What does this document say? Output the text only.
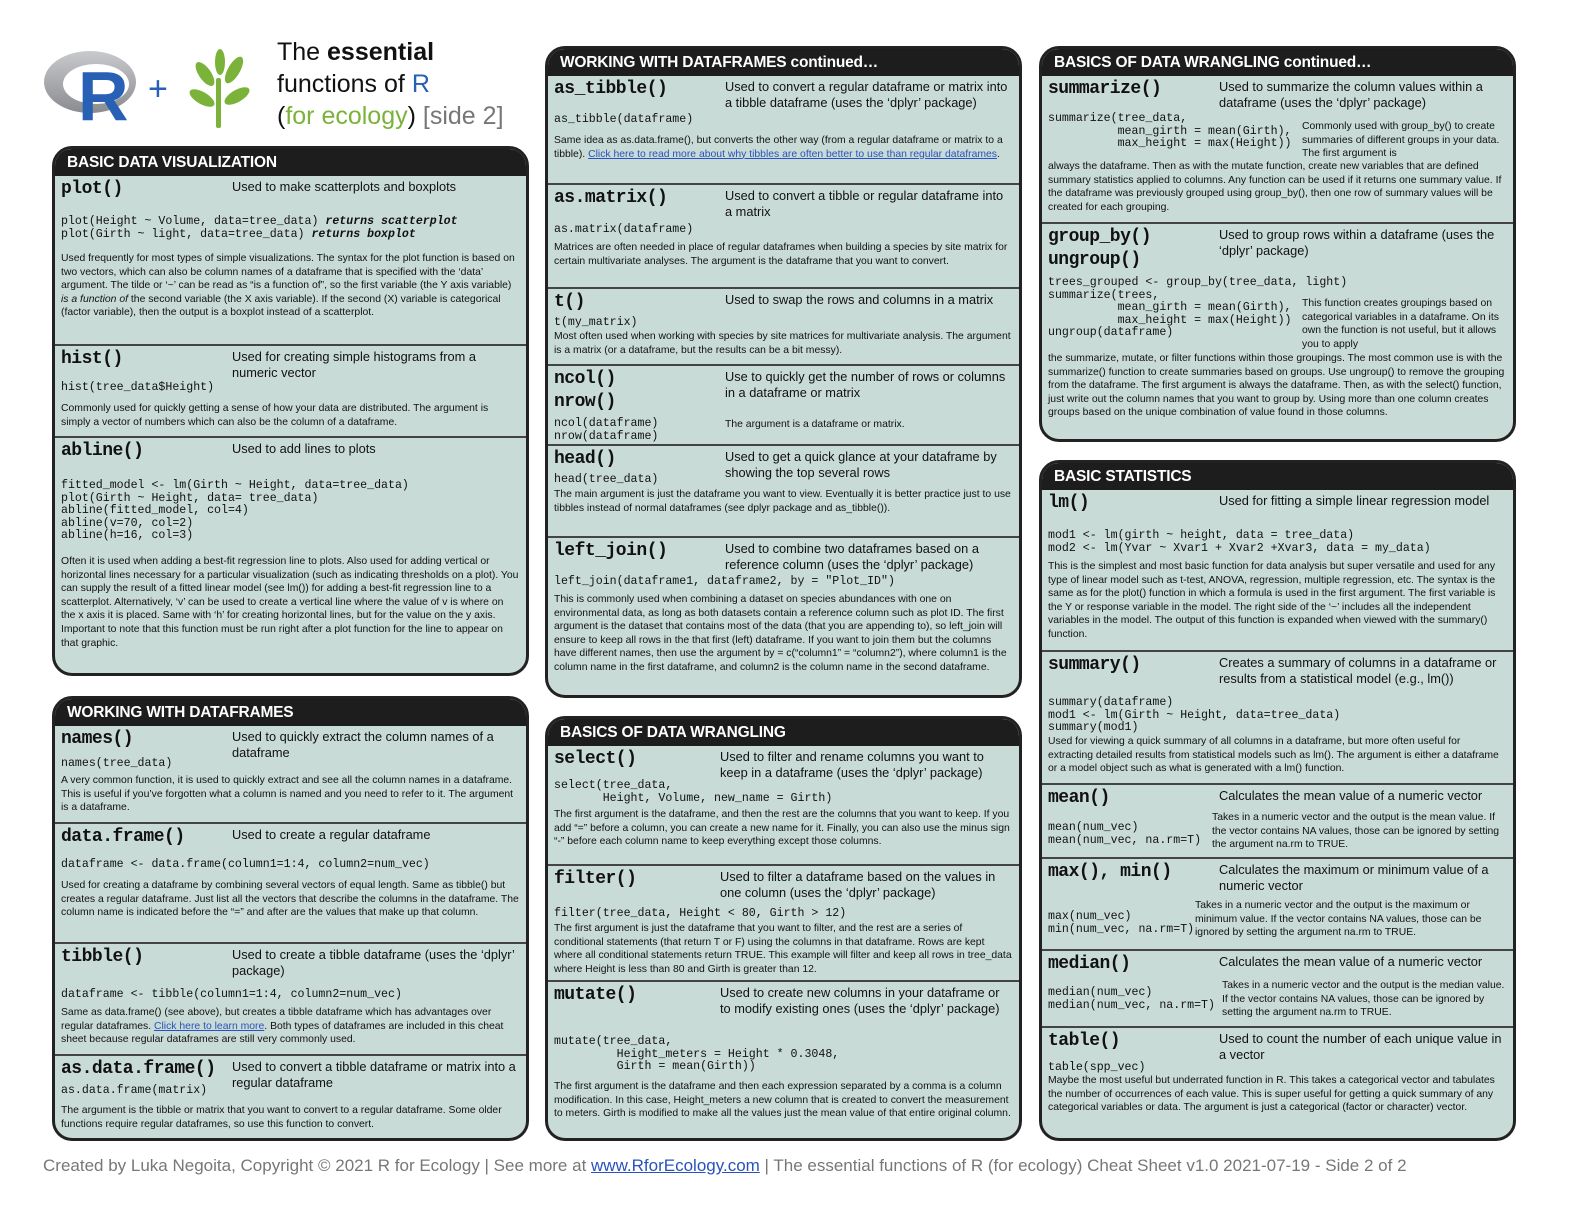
R +
The essential
functions of R
(for ecology) [side 2]
BASIC DATA VISUALIZATION
plot()	Used to make scatterplots and boxplots
plot(Height ~ Volume, data=tree_data) returns scatterplot
plot(Girth ~ light, data=tree_data) returns boxplot
Used frequently for most types of simple visualizations. The syntax for the plot function is based on two vectors, which can also be column names of a dataframe that is specified with the ‘data’ argument. The tilde or ‘~’ can be read as “is a function of”, so the first variable (the Y axis variable) is a function of the second variable (the X axis variable). If the second (X) variable is categorical (factor variable), then the output is a boxplot instead of a scatterplot.
hist()	Used for creating simple histograms from a numeric vector
hist(tree_data$Height)
Commonly used for quickly getting a sense of how your data are distributed. The argument is simply a vector of numbers which can also be the column of a dataframe.
abline()	Used to add lines to plots
fitted_model <- lm(Girth ~ Height, data=tree_data)
plot(Girth ~ Height, data= tree_data)
abline(fitted_model, col=4)
abline(v=70, col=2)
abline(h=16, col=3)
Often it is used when adding a best-fit regression line to plots. Also used for adding vertical or horizontal lines necessary for a particular visualization (such as indicating thresholds on a plot). You can supply the result of a fitted linear model (see lm()) for adding a best-fit regression line to a scatterplot. Alternatively, ‘v’ can be used to create a vertical line where the value of v is where on the x axis it is placed. Same with ‘h’ for creating horizontal lines, but for the value on the y axis. Important to note that this function must be run right after a plot function for the line to appear on that graphic.
WORKING WITH DATAFRAMES
names()	Used to quickly extract the column names of a dataframe
names(tree_data)
A very common function, it is used to quickly extract and see all the column names in a dataframe. This is useful if you’ve forgotten what a column is named and you need to refer to it. The argument is a dataframe.
data.frame()	Used to create a regular dataframe
dataframe <- data.frame(column1=1:4, column2=num_vec)
Used for creating a dataframe by combining several vectors of equal length. Same as tibble() but creates a regular dataframe. Just list all the vectors that describe the columns in the dataframe. The column name is indicated before the “=” and after are the values that make up that column.
tibble()	Used to create a tibble dataframe (uses the ‘dplyr’ package)
dataframe <- tibble(column1=1:4, column2=num_vec)
Same as data.frame() (see above), but creates a tibble dataframe which has advantages over regular dataframes. Click here to learn more. Both types of dataframes are included in this cheat sheet because regular dataframes are still very commonly used.
as.data.frame() Used to convert a tibble dataframe or matrix into a regular dataframe
as.data.frame(matrix)
The argument is the tibble or matrix that you want to convert to a regular dataframe. Some older functions require regular dataframes, so use this function to convert.
WORKING WITH DATAFRAMES continued…
as_tibble()	Used to convert a regular dataframe or matrix into a tibble dataframe (uses the ‘dplyr’ package)
as_tibble(dataframe)
Same idea as as.data.frame(), but converts the other way (from a regular dataframe or matrix to a tibble). Click here to read more about why tibbles are often better to use than regular dataframes.
as.matrix()	Used to convert a tibble or regular dataframe into a matrix
as.matrix(dataframe)
Matrices are often needed in place of regular dataframes when building a species by site matrix for certain multivariate analyses. The argument is the dataframe that you want to convert.
t()	Used to swap the rows and columns in a matrix
t(my_matrix)
Most often used when working with species by site matrices for multivariate analysis. The argument is a matrix (or a dataframe, but the results can be a bit messy).
ncol()
nrow()
Use to quickly get the number of rows or columns in a dataframe or matrix
ncol(dataframe)
nrow(dataframe)
The argument is a dataframe or matrix.
head()	Used to get a quick glance at your dataframe by showing the top several rows
head(tree_data)
The main argument is just the dataframe you want to view. Eventually it is better practice just to use tibbles instead of normal dataframes (see dplyr package and as_tibble()).
left_join()	Used to combine two dataframes based on a reference column (uses the ‘dplyr’ package)
left_join(dataframe1, dataframe2, by = "Plot_ID")
This is commonly used when combining a dataset on species abundances with one on environmental data, as long as both datasets contain a reference column such as plot ID. The first argument is the dataset that contains most of the data (that you are appending to), so left_join will ensure to keep all rows in the that first (left) dataframe. If you want to join them but the columns have different names, then use the argument by = c(“column1” = “column2”), where column1 is the column name in the first dataframe, and column2 is the column name in the second dataframe.
BASICS OF DATA WRANGLING
select()	Used to filter and rename columns you want to keep in a dataframe (uses the ‘dplyr’ package)
select(tree_data,
Height, Volume, new_name = Girth)
The first argument is the dataframe, and then the rest are the columns that you want to keep. If you add “=” before a column, you can create a new name for it. Finally, you can also use the minus sign “-” before each column name to keep everything except those columns.
filter()	Used to filter a dataframe based on the values in one column (uses the ‘dplyr’ package)
filter(tree_data, Height < 80, Girth > 12)
The first argument is just the dataframe that you want to filter, and the rest are a series of conditional statements (that return T or F) using the columns in that dataframe. Rows are kept where all conditional statements return TRUE. This example will filter and keep all rows in tree_data where Height is less than 80 and Girth is greater than 12.
mutate()	Used to create new columns in your dataframe or to modify existing ones (uses the ‘dplyr’ package)
mutate(tree_data,
Height_meters = Height * 0.3048,
Girth = mean(Girth))
The first argument is the dataframe and then each expression separated by a comma is a column modification. In this case, Height_meters a new column that is created to convert the measurement to meters. Girth is modified to make all the values just the mean value of that entire original column.
BASICS OF DATA WRANGLING continued…
summarize()	Used to summarize the column values within a dataframe (uses the ‘dplyr’ package)
summarize(tree_data,
mean_girth = mean(Girth),
max_height = max(Height))
Commonly used with group_by() to create summaries of different groups in your data. The first argument is
always the dataframe. Then as with the mutate function, create new variables that are defined summary statistics applied to columns. Any function can be used if it returns one summary value. If the dataframe was previously grouped using group_by(), then one row of summary values will be created for each grouping.
group_by()
ungroup()
Used to group rows within a dataframe (uses the ‘dplyr’ package)
trees_grouped <- group_by(tree_data, light)
summarize(trees,
mean_girth = mean(Girth),
max_height = max(Height))
ungroup(dataframe)
This function creates groupings based on categorical variables in a dataframe. On its own the function is not useful, but it allows you to apply
the summarize, mutate, or filter functions within those groupings. The most common use is with the summarize() function to create summaries based on groups. Use ungroup() to remove the grouping from the dataframe. The first argument is always the dataframe. Then, as with the select() function, just write out the column names that you want to group by. Using more than one column creates groups based on the unique combination of value found in those columns.
BASIC STATISTICS
lm()	Used for fitting a simple linear regression model
mod1 <- lm(girth ~ height, data = tree_data)
mod2 <- lm(Yvar ~ Xvar1 + Xvar2 +Xvar3, data = my_data)
This is the simplest and most basic function for data analysis but super versatile and used for any type of linear model such as t-test, ANOVA, regression, multiple regression, etc. The syntax is the same as for the plot() function in which a formula is used in the first argument. The first variable is the Y or response variable in the model. The right side of the ‘~’ includes all the independent variables in the model. The output of this function is expanded when viewed with the summary() function.
summary()	Creates a summary of columns in a dataframe or results from a statistical model (e.g., lm())
summary(dataframe)
mod1 <- lm(Girth ~ Height, data=tree_data)
summary(mod1)
Used for viewing a quick summary of all columns in a dataframe, but more often useful for extracting detailed results from statistical models such as lm(). The argument is either a dataframe or a model object such as what is generated with a lm() function.
mean()	Calculates the mean value of a numeric vector
mean(num_vec)
mean(num_vec, na.rm=T)
Takes in a numeric vector and the output is the mean value. If the vector contains NA values, those can be ignored by setting the argument na.rm to TRUE.
max(), min()	Calculates the maximum or minimum value of a numeric vector
max(num_vec)
min(num_vec, na.rm=T)
Takes in a numeric vector and the output is the maximum or minimum value. If the vector contains NA values, those can be ignored by setting the argument na.rm to TRUE.
median()	Calculates the mean value of a numeric vector
median(num_vec)
median(num_vec, na.rm=T)
Takes in a numeric vector and the output is the median value. If the vector contains NA values, those can be ignored by setting the argument na.rm to TRUE.
table()	Used to count the number of each unique value in a vector
table(spp_vec)
Maybe the most useful but underrated function in R. This takes a categorical vector and tabulates the number of occurrences of each value. This is super useful for getting a quick summary of any categorical variables or data. The argument is just a categorical (factor or character) vector.
Created by Luka Negoita, Copyright © 2021 R for Ecology | See more at www.RforEcology.com | The essential functions of R (for ecology) Cheat Sheet v1.0 2021-07-19 - Side 2 of 2
